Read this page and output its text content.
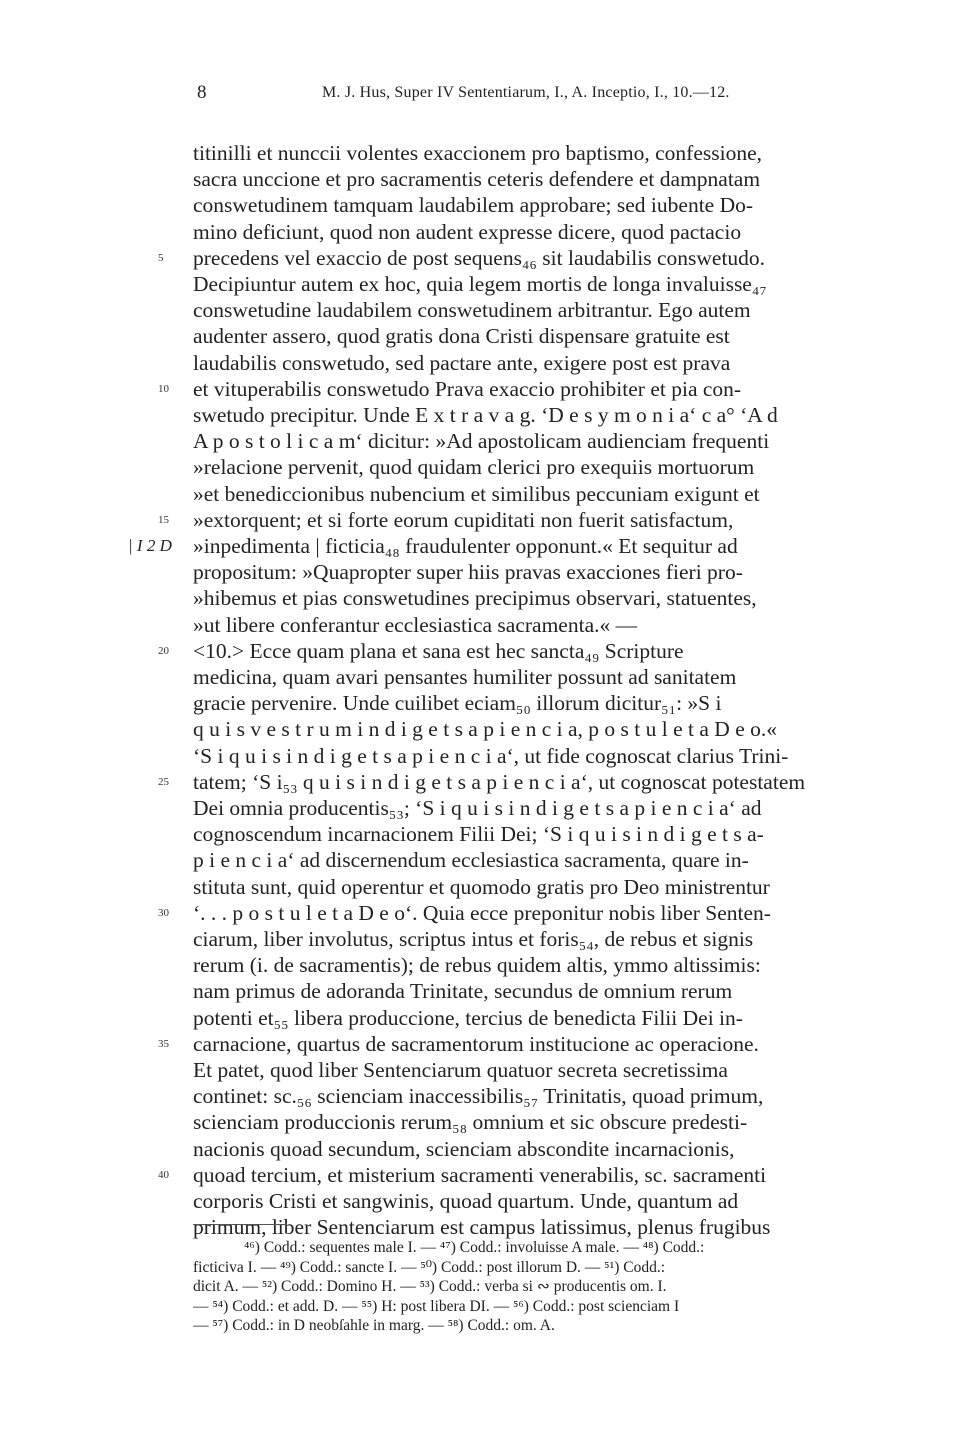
8	M. J. Hus, Super IV Sententiarum, I., A. Inceptio, I., 10.—12.
titinilli et nunccii volentes exaccionem pro baptismo, confessione,
sacra unccione et pro sacramentis ceteris defendere et dampnatam
conswetudinem tamquam laudabilem approbare; sed iubente Do-
mino deficiunt, quod non audent expresse dicere, quod pactacio
precedens vel exaccio de post sequens₄₆ sit laudabilis conswetudo.
Decipiuntur autem ex hoc, quia legem mortis de longa invaluisse₄₇
conswetudine laudabilem conswetudinem arbitrantur. Ego autem
audenter assero, quod gratis dona Cristi dispensare gratuite est
laudabilis conswetudo, sed pactare ante, exigere post est prava
et vituperabilis conswetudo Prava exaccio prohibiter et pia con-
swetudo precipitur. Unde E x t r a v a g. ‘D e s y m o n i a‘ c a° ‘A d
A p o s t o l i c a m‘ dicitur: »Ad apostolicam audienciam frequenti
»relacione pervenit, quod quidam clerici pro exequiis mortuorum
»et benediccionibus nubencium et similibus peccuniam exigunt et
»extorquent; et si forte eorum cupiditati non fuerit satisfactum,
»inpedimenta | ficticia₄₈ fraudulenter opponunt.« Et sequitur ad
propositum: »Quapropter super hiis pravas exacciones fieri pro-
»hibemus et pias conswetudines precipimus observari, statuentes,
»ut libere conferantur ecclesiastica sacramenta.« —
<10.> Ecce quam plana et sana est hec sancta₄₉ Scripture
medicina, quam avari pensantes humiliter possunt ad sanitatem
gracie pervenire. Unde cuilibet eciam₅₀ illorum dicitur₅₁: »S i
q u i s v e s t r u m i n d i g e t s a p i e n c i a, p o s t u l e t a D e o.«
‘S i q u i s i n d i g e t s a p i e n c i a‘, ut fide cognoscat clarius Trini-
tatem; ‘S i₅₃ q u i s i n d i g e t s a p i e n c i a‘, ut cognoscat potestatem
Dei omnia producentis₅₃; ‘S i q u i s i n d i g e t s a p i e n c i a‘ ad
cognoscendum incarnacionem Filii Dei; ‘S i q u i s i n d i g e t s a-
p i e n c i a‘ ad discernendum ecclesiastica sacramenta, quare in-
stituta sunt, quid operentur et quomodo gratis pro Deo ministrentur
‘. . . p o s t u l e t a D e o‘. Quia ecce preponitur nobis liber Senten-
ciarum, liber involutus, scriptus intus et foris₅₄, de rebus et signis
rerum (i. de sacramentis); de rebus quidem altis, ymmo altissimis:
nam primus de adoranda Trinitate, secundus de omnium rerum
potenti et₅₅ libera produccione, tercius de benedicta Filii Dei in-
carnacione, quartus de sacramentorum institucione ac operacione.
Et patet, quod liber Sentenciarum quatuor secreta secretissima
continet: sc.₅₆ scienciam inaccessibilis₅₇ Trinitatis, quoad primum,
scienciam produccionis rerum₅₈ omnium et sic obscure predesti-
nacionis quoad secundum, scienciam abscondite incarnacionis,
quoad tercium, et misterium sacramenti venerabilis, sc. sacramenti
corporis Cristi et sangwinis, quoad quartum. Unde, quantum ad
primum, liber Sentenciarum est campus latissimus, plenus frugibus
5
10
15
20
25
30
35
40
| I 2 D
⁴⁶) Codd.: sequentes male I. — ⁴⁷) Codd.: involuisse A male. — ⁴⁸) Codd.:
ficticiva I. — ⁴⁹) Codd.: sancte I. — ⁵⁰) Codd.: post illorum D. — ⁵¹) Codd.:
dicit A. — ⁵²) Codd.: Domino H. — ⁵³) Codd.: verba si ∾ producentis om. I.
— ⁵⁴) Codd.: et add. D. — ⁵⁵) H: post libera DI. — ⁵⁶) Codd.: post scienciam I
— ⁵⁷) Codd.: in D neobſahle in marg. — ⁵⁸) Codd.: om. A.
